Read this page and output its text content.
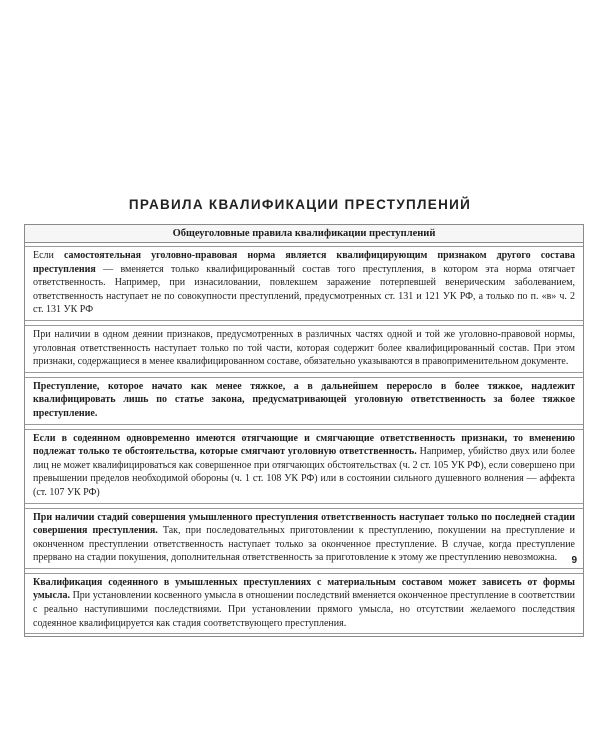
ПРАВИЛА КВАЛИФИКАЦИИ ПРЕСТУПЛЕНИЙ
Общеуголовные правила квалификации преступлений
Если самостоятельная уголовно-правовая норма является квалифицирующим признаком другого состава преступления — вменяется только квалифицированный состав того преступления, в котором эта норма отягчает ответственность. Например, при изнасиловании, повлекшем заражение потерпевшей венерическим заболеванием, ответственность наступает не по совокупности преступлений, предусмотренных ст. 131 и 121 УК РФ, а только по п. «в» ч. 2 ст. 131 УК РФ
При наличии в одном деянии признаков, предусмотренных в различных частях одной и той же уголовно-правовой нормы, уголовная ответственность наступает только по той части, которая содержит более квалифицированный состав. При этом признаки, содержащиеся в менее квалифицированном составе, обязательно указываются в правоприменительном документе.
Преступление, которое начато как менее тяжкое, а в дальнейшем переросло в более тяжкое, надлежит квалифицировать лишь по статье закона, предусматривающей уголовную ответственность за более тяжкое преступление.
Если в содеянном одновременно имеются отягчающие и смягчающие ответственность признаки, то вменению подлежат только те обстоятельства, которые смягчают уголовную ответственность. Например, убийство двух или более лиц не может квалифицироваться как совершенное при отягчающих обстоятельствах (ч. 2 ст. 105 УК РФ), если совершено при превышении пределов необходимой обороны (ч. 1 ст. 108 УК РФ) или в состоянии сильного душевного волнения — аффекта (ст. 107 УК РФ)
При наличии стадий совершения умышленного преступления ответственность наступает только по последней стадии совершения преступления. Так, при последовательных приготовлении к преступлению, покушении на преступление и оконченном преступлении ответственность наступает только за оконченное преступление. В случае, когда преступление прервано на стадии покушения, дополнительная ответственность за приготовление к этому же преступлению невозможна.
Квалификация содеянного в умышленных преступлениях с материальным составом может зависеть от формы умысла. При установлении косвенного умысла в отношении последствий вменяется оконченное преступление в соответствии с реально наступившими последствиями. При установлении прямого умысла, но отсутствии желаемого последствия содеянное квалифицируется как стадия соответствующего преступления.
9
